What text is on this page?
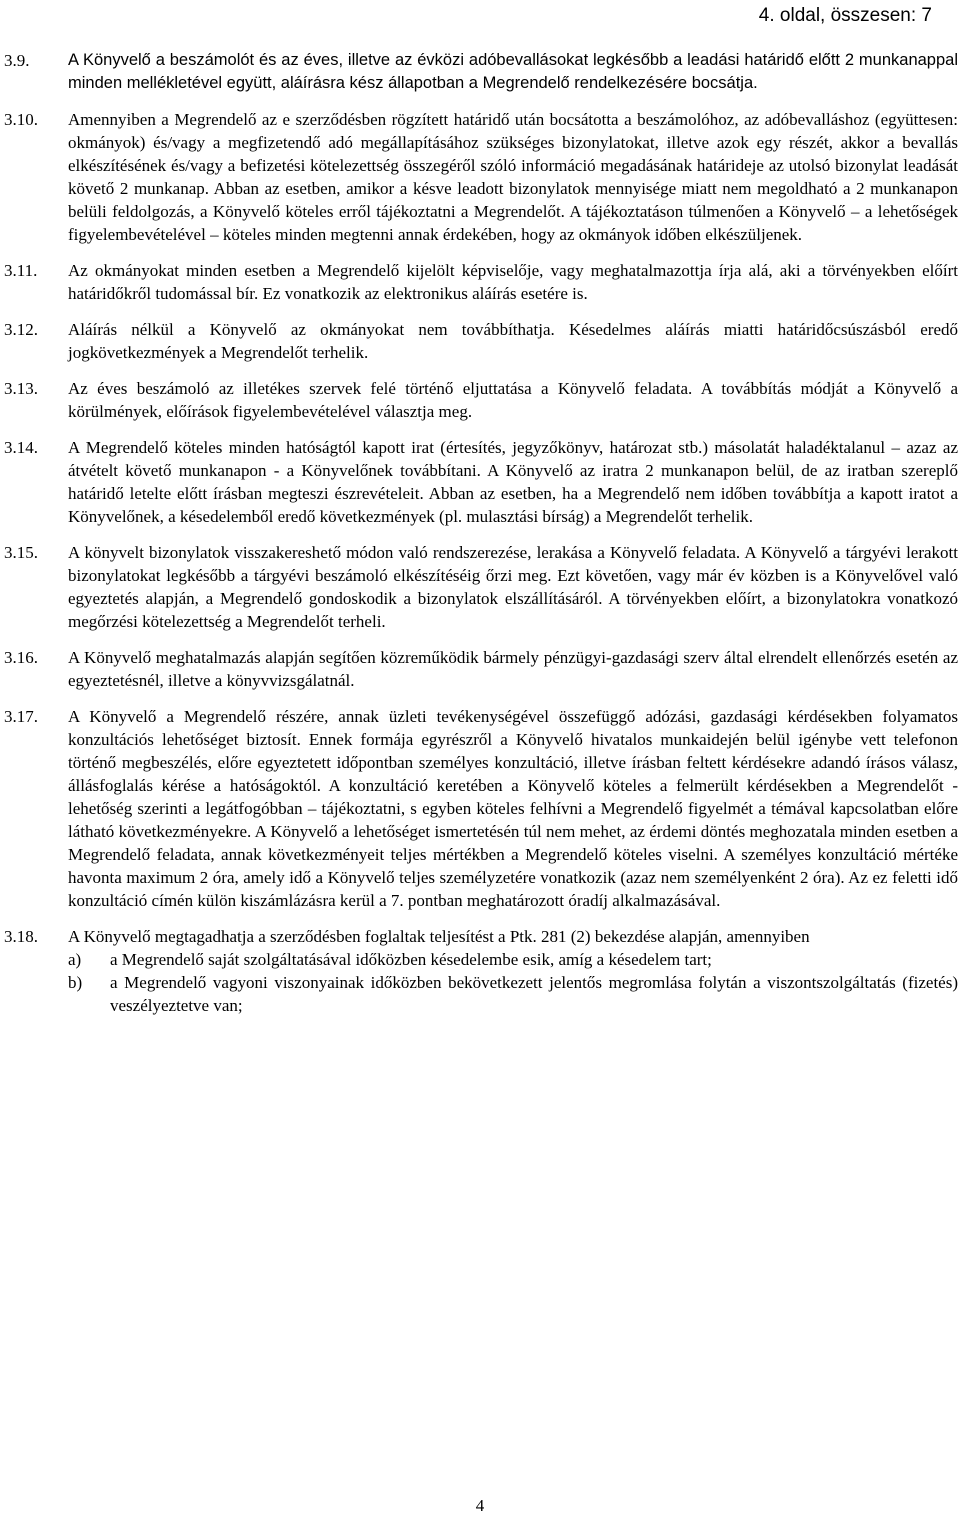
4. oldal, összesen: 7
3.9.	A Könyvelő a beszámolót és az éves, illetve az évközi adóbevallásokat legkésőbb a leadási határidő előtt 2 munkanappal minden mellékletével együtt, aláírásra kész állapotban a Megrendelő rendelkezésére bocsátja.
3.10.	Amennyiben a Megrendelő az e szerződésben rögzített határidő után bocsátotta a beszámolóhoz, az adóbevalláshoz (együttesen: okmányok) és/vagy a megfizetendő adó megállapításához szükséges bizonylatokat, illetve azok egy részét, akkor a bevallás elkészítésének és/vagy a befizetési kötelezettség összegéről szóló információ megadásának határideje az utolsó bizonylat leadását követő 2 munkanap. Abban az esetben, amikor a késve leadott bizonylatok mennyisége miatt nem megoldható a 2 munkanapon belüli feldolgozás, a Könyvelő köteles erről tájékoztatni a Megrendelőt. A tájékoztatáson túlmenően a Könyvelő – a lehetőségek figyelembevételével – köteles minden megtenni annak érdekében, hogy az okmányok időben elkészüljenek.
3.11.	Az okmányokat minden esetben a Megrendelő kijelölt képviselője, vagy meghatalmazottja írja alá, aki a törvényekben előírt határidőkről tudomással bír. Ez vonatkozik az elektronikus aláírás esetére is.
3.12.	Aláírás nélkül a Könyvelő az okmányokat nem továbbíthatja. Késedelmes aláírás miatti határidőcsúszásból eredő jogkövetkezmények a Megrendelőt terhelik.
3.13.	Az éves beszámoló az illetékes szervek felé történő eljuttatása a Könyvelő feladata. A továbbítás módját a Könyvelő a körülmények, előírások figyelembevételével választja meg.
3.14.	A Megrendelő köteles minden hatóságtól kapott irat (értesítés, jegyzőkönyv, határozat stb.) másolatát haladéktalanul – azaz az átvételt követő munkanapon - a Könyvelőnek továbbítani. A Könyvelő az iratra 2 munkanapon belül, de az iratban szereplő határidő letelte előtt írásban megteszi észrevételeit. Abban az esetben, ha a Megrendelő nem időben továbbítja a kapott iratot a Könyvelőnek, a késedelemből eredő következmények (pl. mulasztási bírság) a Megrendelőt terhelik.
3.15.	A könyvelt bizonylatok visszakereshető módon való rendszerezése, lerakása a Könyvelő feladata. A Könyvelő a tárgyévi lerakott bizonylatokat legkésőbb a tárgyévi beszámoló elkészítéséig őrzi meg. Ezt követően, vagy már év közben is a Könyvelővel való egyeztetés alapján, a Megrendelő gondoskodik a bizonylatok elszállításáról. A törvényekben előírt, a bizonylatokra vonatkozó megőrzési kötelezettség a Megrendelőt terheli.
3.16.	A Könyvelő meghatalmazás alapján segítően közreműködik bármely pénzügyi-gazdasági szerv által elrendelt ellenőrzés esetén az egyeztetésnél, illetve a könyvvizsgálatnál.
3.17.	A Könyvelő a Megrendelő részére, annak üzleti tevékenységével összefüggő adózási, gazdasági kérdésekben folyamatos konzultációs lehetőséget biztosít. Ennek formája egyrészről a Könyvelő hivatalos munkaidején belül igénybe vett telefonon történő megbeszélés, előre egyeztetett időpontban személyes konzultáció, illetve írásban feltett kérdésekre adandó írásos válasz, állásfoglalás kérése a hatóságoktól. A konzultáció keretében a Könyvelő köteles a felmerült kérdésekben a Megrendelőt - lehetőség szerinti a legátfogóbban – tájékoztatni, s egyben köteles felhívni a Megrendelő figyelmét a témával kapcsolatban előre látható következményekre. A Könyvelő a lehetőséget ismertetésén túl nem mehet, az érdemi döntés meghozatala minden esetben a Megrendelő feladata, annak következményeit teljes mértékben a Megrendelő köteles viselni. A személyes konzultáció mértéke havonta maximum 2 óra, amely idő a Könyvelő teljes személyzetére vonatkozik (azaz nem személyenként 2 óra). Az ez feletti idő konzultáció címén külön kiszámlázásra kerül a 7. pontban meghatározott óradíj alkalmazásával.
3.18.	A Könyvelő megtagadhatja a szerződésben foglaltak teljesítést a Ptk. 281 (2) bekezdése alapján, amennyiben
a)	a Megrendelő saját szolgáltatásával időközben késedelembe esik, amíg a késedelem tart;
b)	a Megrendelő vagyoni viszonyainak időközben bekövetkezett jelentős megromlása folytán a viszontszolgáltatás (fizetés) veszélyeztetve van;
4
